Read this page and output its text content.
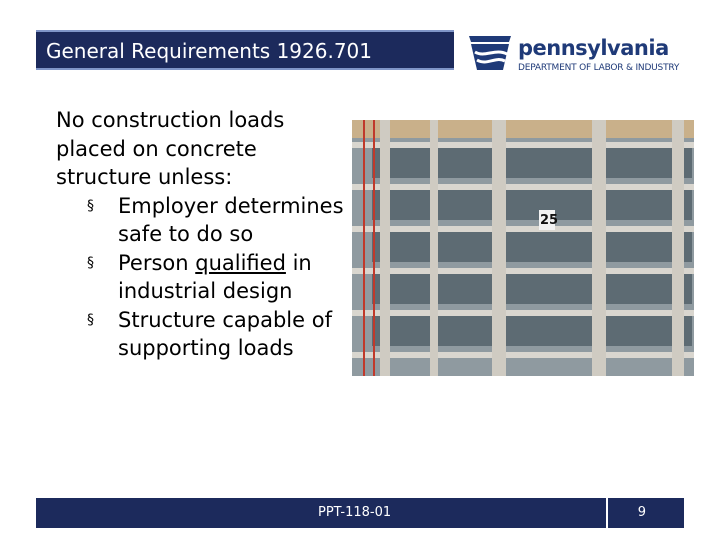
General Requirements 1926.701	pennsylvania
DEPARTMENT OF LABOR & INDUSTRY

No construction loads placed on concrete structure unless:

§ Employer determines safe to do so
§ Person qualified in industrial design
§ Structure capable of supporting loads
25
PPT-118-01	9
